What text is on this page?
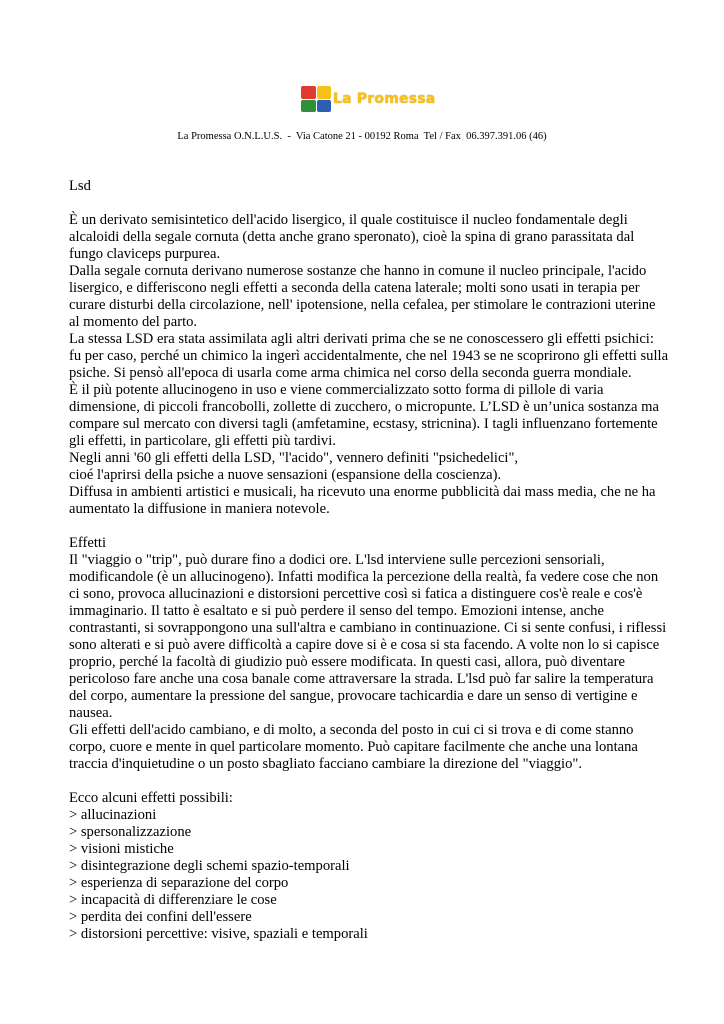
La Promessa
La Promessa O.N.L.U.S.  -  Via Catone 21 - 00192 Roma  Tel / Fax  06.397.391.06 (46)

Lsd

È un derivato semisintetico dell'acido lisergico, il quale costituisce il nucleo fondamentale degli alcaloidi della segale cornuta (detta anche grano speronato), cioè la spina di grano parassitata dal fungo claviceps purpurea.

Dalla segale cornuta derivano numerose sostanze che hanno in comune il nucleo principale, l'acido lisergico, e differiscono negli effetti a seconda della catena laterale; molti sono usati in terapia per curare disturbi della circolazione, nell' ipotensione, nella cefalea, per stimolare le contrazioni uterine al momento del parto.

La stessa LSD era stata assimilata agli altri derivati prima che se ne conoscessero gli effetti psichici: fu per caso, perché un chimico la ingerì accidentalmente, che nel 1943 se ne scoprirono gli effetti sulla psiche. Si pensò all'epoca di usarla come arma chimica nel corso della seconda guerra mondiale.

È il più potente allucinogeno in uso e viene commercializzato sotto forma di pillole di varia dimensione, di piccoli francobolli, zollette di zucchero, o micropunte. L’LSD è un’unica sostanza ma compare sul mercato con diversi tagli (amfetamine, ecstasy, stricnina). I tagli influenzano fortemente gli effetti, in particolare, gli effetti più tardivi.

Negli anni '60 gli effetti della LSD, "l'acido", vennero definiti "psichedelici",

cioé l'aprirsi della psiche a nuove sensazioni (espansione della coscienza).

Diffusa in ambienti artistici e musicali, ha ricevuto una enorme pubblicità dai mass media, che ne ha aumentato la diffusione in maniera notevole.

Effetti

Il "viaggio o "trip", può durare fino a dodici ore. L'lsd interviene sulle percezioni sensoriali, modificandole (è un allucinogeno). Infatti modifica la percezione della realtà, fa vedere cose che non ci sono, provoca allucinazioni e distorsioni percettive così si fatica a distinguere cos'è reale e cos'è immaginario. Il tatto è esaltato e si può perdere il senso del tempo. Emozioni intense, anche contrastanti, si sovrappongono una sull'altra e cambiano in continuazione. Ci si sente confusi, i riflessi sono alterati e si può avere difficoltà a capire dove si è e cosa si sta facendo. A volte non lo si capisce proprio, perché la facoltà di giudizio può essere modificata. In questi casi, allora, può diventare pericoloso fare anche una cosa banale come attraversare la strada. L'lsd può far salire la temperatura del corpo, aumentare la pressione del sangue, provocare tachicardia e dare un senso di vertigine e nausea.

Gli effetti dell'acido cambiano, e di molto, a seconda del posto in cui ci si trova e di come stanno corpo, cuore e mente in quel particolare momento. Può capitare facilmente che anche una lontana traccia d'inquietudine o un posto sbagliato facciano cambiare la direzione del "viaggio".

Ecco alcuni effetti possibili:

> allucinazioni

> spersonalizzazione

> visioni mistiche

> disintegrazione degli schemi spazio-temporali

> esperienza di separazione del corpo

> incapacità di differenziare le cose

> perdita dei confini dell'essere

> distorsioni percettive: visive, spaziali e temporali
